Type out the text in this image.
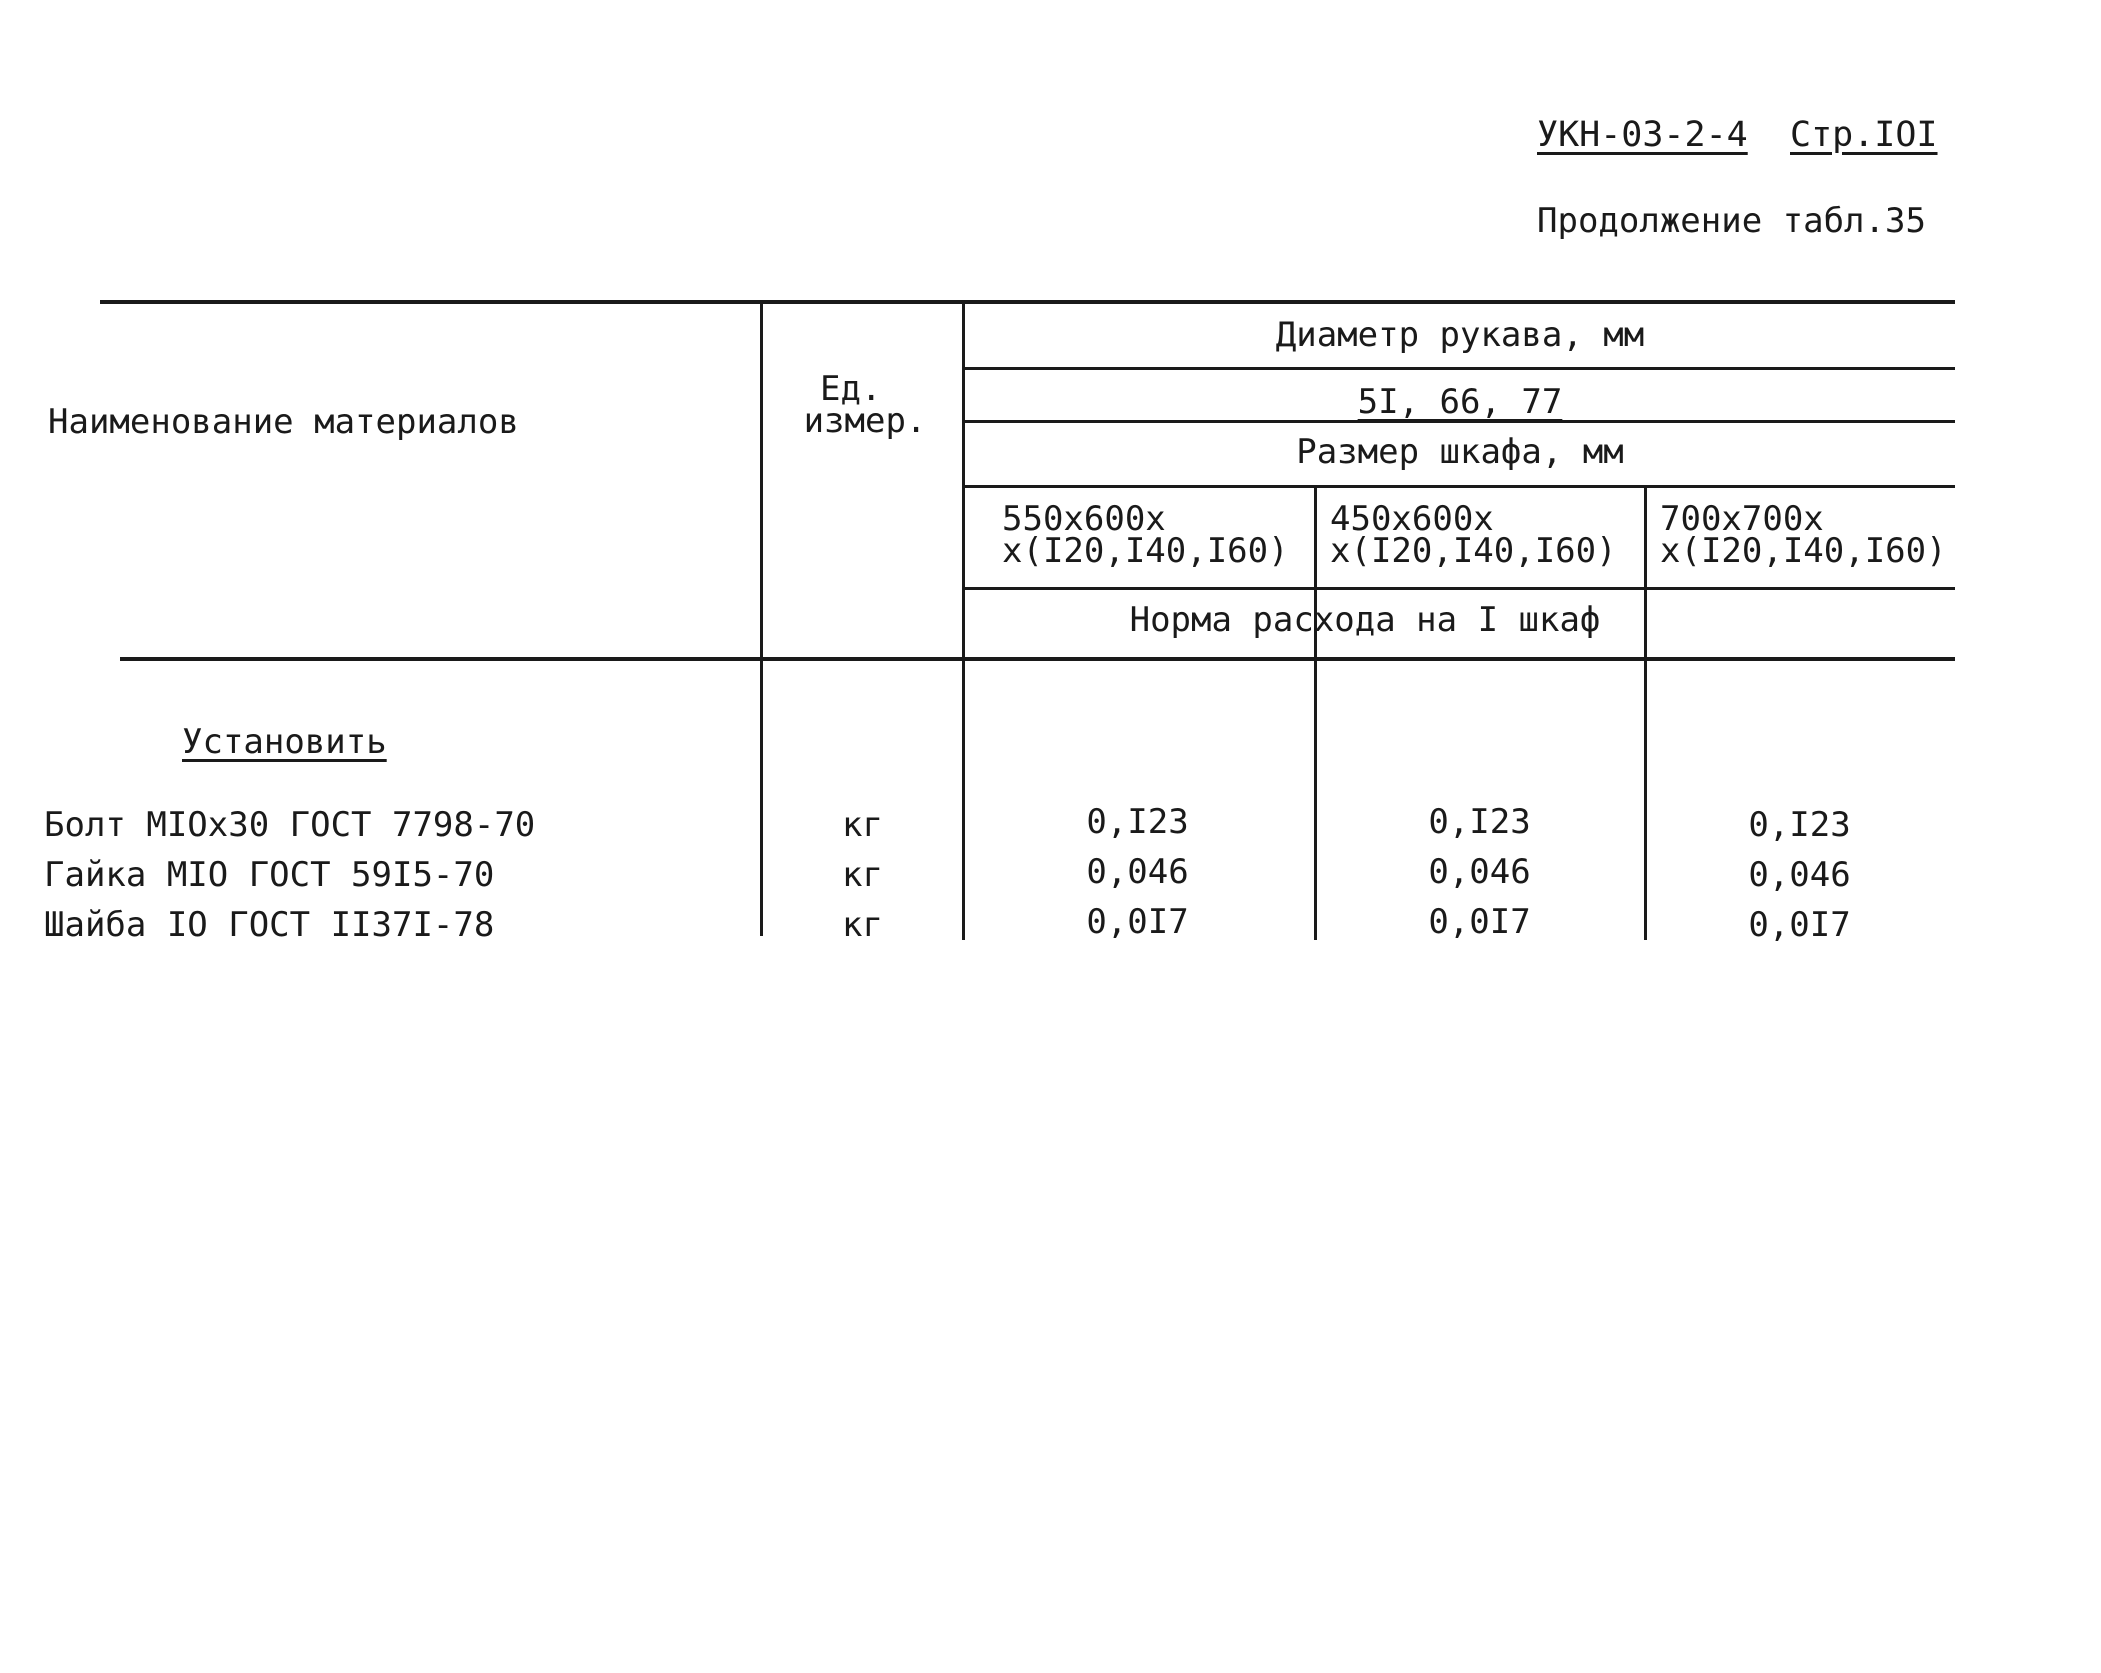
УКН-03-2-4 Стр.IOI
Продолжение табл.35
Наименование материалов
Ед.
измер.
Диаметр рукава, мм
5I, 66, 77
Размер шкафа, мм
550x600x
x(I20,I40,I60)
450x600x
x(I20,I40,I60)
700x700x
x(I20,I40,I60)
Норма расхода на I шкаф
Установить
Болт MIOx30 ГОСТ 7798-70	кг	0,I23	0,I23	0,I23
Гайка MIO ГОСТ 59I5-70	кг	0,046	0,046	0,046
Шайба IO ГОСТ II37I-78	кг	0,0I7	0,0I7	0,0I7
